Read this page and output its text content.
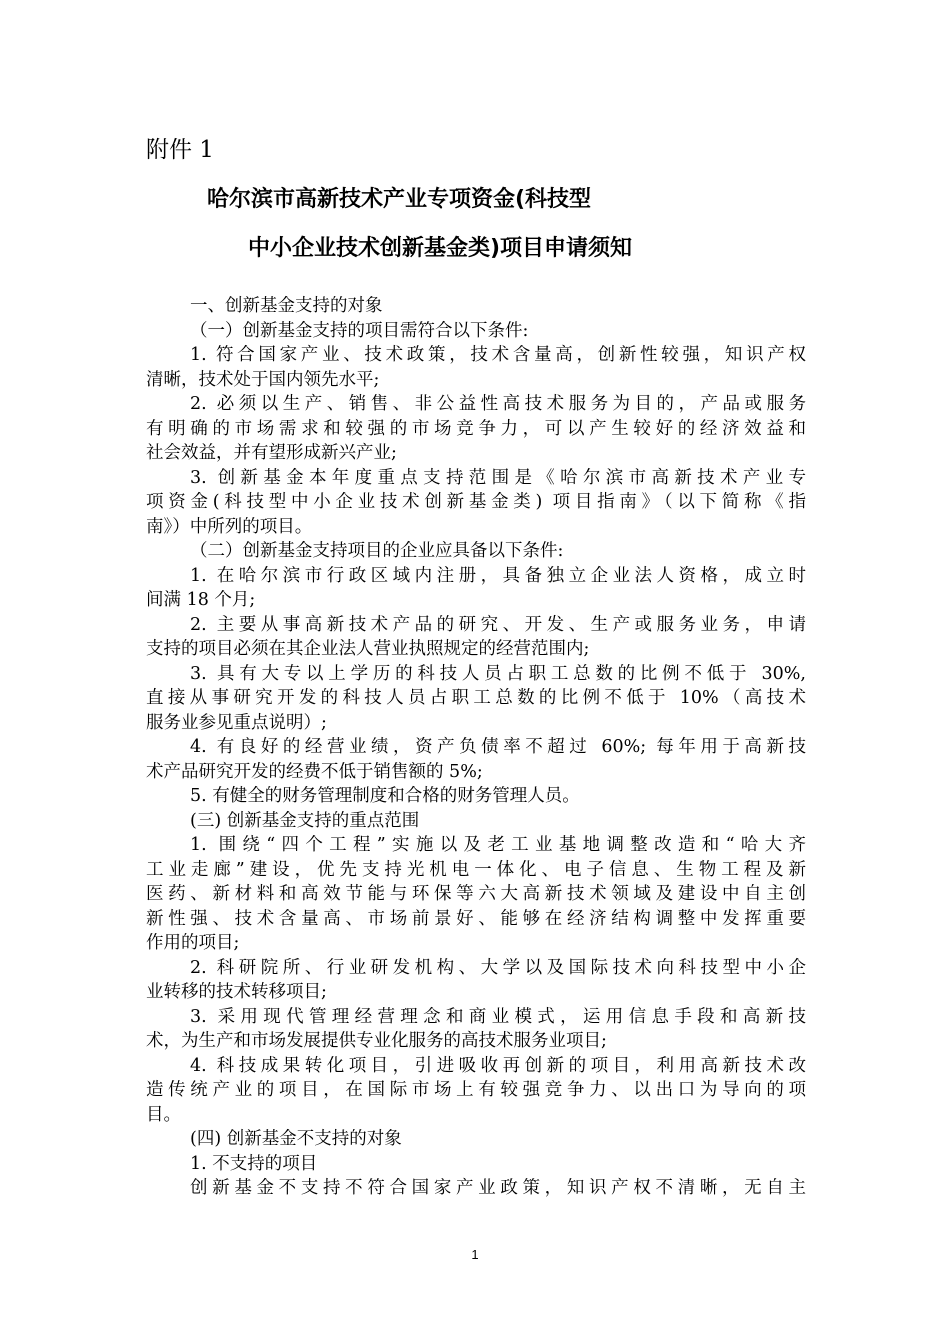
附件 1
哈尔滨市高新技术产业专项资金(科技型
中小企业技术创新基金类)项目申请须知
一、创新基金支持的对象
（一）创新基金支持的项目需符合以下条件:
1. 符合国家产业、技术政策，技术含量高，创新性较强，知识产权
清晰，技术处于国内领先水平;
2. 必须以生产、销售、非公益性高技术服务为目的，产品或服务
有明确的市场需求和较强的市场竞争力，可以产生较好的经济效益和
社会效益，并有望形成新兴产业;
3. 创新基金本年度重点支持范围是《哈尔滨市高新技术产业专
项资金(科技型中小企业技术创新基金类) 项目指南》（以下简称《指
南》）中所列的项目。
（二）创新基金支持项目的企业应具备以下条件:
1. 在哈尔滨市行政区域内注册，具备独立企业法人资格，成立时
间满 18 个月;
2. 主要从事高新技术产品的研究、开发、生产或服务业务，申请
支持的项目必须在其企业法人营业执照规定的经营范围内;
3. 具有大专以上学历的科技人员占职工总数的比例不低于 30%,
直接从事研究开发的科技人员占职工总数的比例不低于 10%（高技术
服务业参见重点说明）;
4. 有良好的经营业绩，资产负债率不超过 60%; 每年用于高新技
术产品研究开发的经费不低于销售额的 5%;
5. 有健全的财务管理制度和合格的财务管理人员。
(三) 创新基金支持的重点范围
1. 围绕“四个工程”实施以及老工业基地调整改造和“哈大齐
工业走廊”建设，优先支持光机电一体化、电子信息、生物工程及新
医药、新材料和高效节能与环保等六大高新技术领域及建设中自主创
新性强、技术含量高、市场前景好、能够在经济结构调整中发挥重要
作用的项目;
2. 科研院所、行业研发机构、大学以及国际技术向科技型中小企
业转移的技术转移项目;
3. 采用现代管理经营理念和商业模式，运用信息手段和高新技
术，为生产和市场发展提供专业化服务的高技术服务业项目;
4. 科技成果转化项目，引进吸收再创新的项目，利用高新技术改
造传统产业的项目，在国际市场上有较强竞争力、以出口为导向的项
目。
(四) 创新基金不支持的对象
1. 不支持的项目
创新基金不支持不符合国家产业政策，知识产权不清晰，无自主
1
